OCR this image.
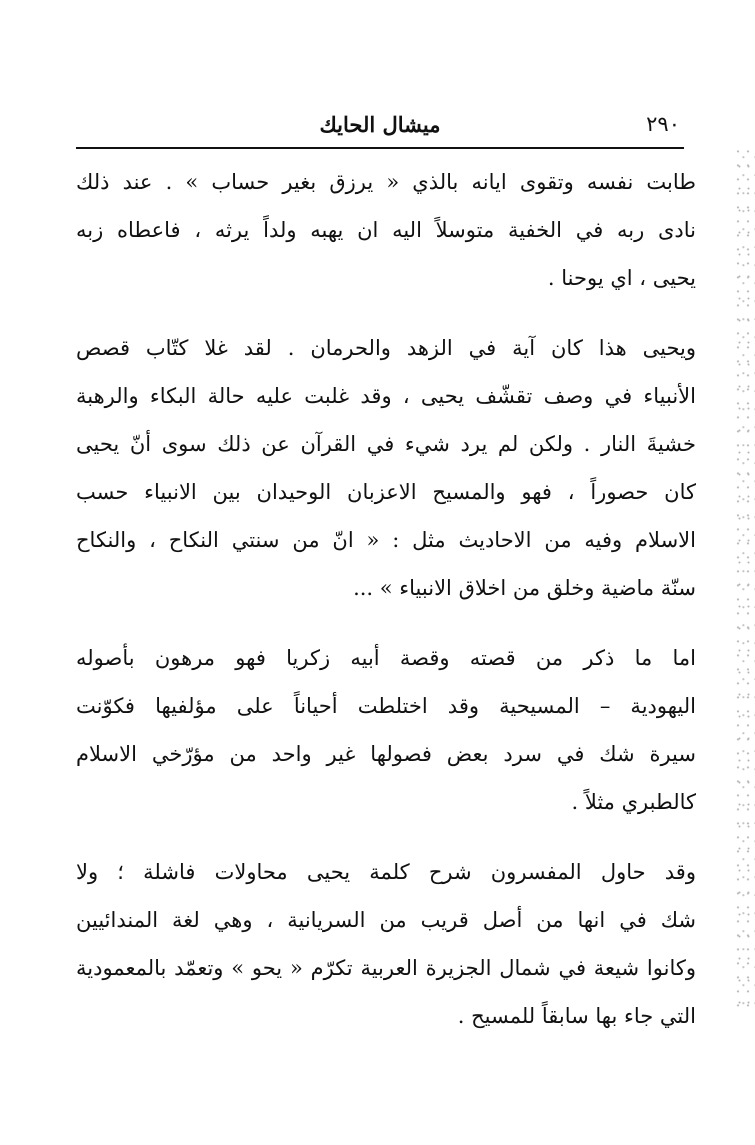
٢٩٠
ميشال الحايك
طابت نفسه وتقوى ايانه بالذي « يرزق بغير حساب » . عند ذلك
نادى ربه في الخفية متوسلاً اليه ان يهبه ولداً يرثه ، فاعطاه زبه
يحيى ، اي يوحنا .
ويحيى هذا كان آية في الزهد والحرمان . لقد غلا كتّاب قصص
الأنبياء في وصف تقشّف يحيى ، وقد غلبت عليه حالة البكاء والرهبة
خشيةَ النار . ولكن لم يرد شيء في القرآن عن ذلك سوى أنّ يحيى
كان حصوراً ، فهو والمسيح الاعزبان الوحيدان بين الانبياء حسب
الاسلام وفيه من الاحاديث مثل : « انّ من سنتي النكاح ، والنكاح
سنّة ماضية وخلق من اخلاق الانبياء » ...
اما ما ذكر من قصته وقصة أبيه زكريا فهو مرهون بأصوله
اليهودية – المسيحية وقد اختلطت أحياناً على مؤلفيها فكوّنت
سيرة شك في سرد بعض فصولها غير واحد من مؤرّخي الاسلام
كالطبري مثلاً .
وقد حاول المفسرون شرح كلمة يحيى محاولات فاشلة ؛ ولا
شك في انها من أصل قريب من السريانية ، وهي لغة المندائيين
وكانوا شيعة في شمال الجزيرة العربية تكرّم « يحو » وتعمّد بالمعمودية
التي جاء بها سابقاً للمسيح .
